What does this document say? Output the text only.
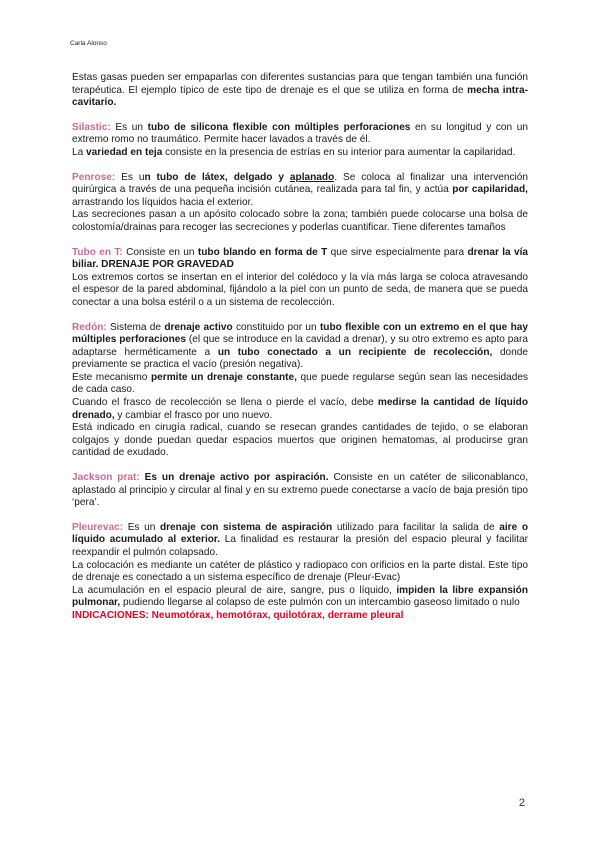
Carla Alonso

Estas gasas pueden ser empaparlas con diferentes sustancias para que tengan también una función terapéutica. El ejemplo típico de este tipo de drenaje es el que se utiliza en forma de mecha intra-cavitario.

Silastic: Es un tubo de silicona flexible con múltiples perforaciones en su longitud y con un extremo romo no traumático. Permite hacer lavados a través de él.

La variedad en teja consiste en la presencia de estrías en su interior para aumentar la capilaridad.

Penrose: Es un tubo de látex, delgado y aplanado. Se coloca al finalizar una intervención quirúrgica a través de una pequeña incisión cutánea, realizada para tal fin, y actúa por capilaridad, arrastrando los líquidos hacia el exterior.

Las secreciones pasan a un apósito colocado sobre la zona; también puede colocarse una bolsa de colostomía/drainas para recoger las secreciones y poderlas cuantificar. Tiene diferentes tamaños

Tubo en T: Consiste en un tubo blando en forma de T que sirve especialmente para drenar la vía biliar. DRENAJE POR GRAVEDAD

Los extremos cortos se insertan en el interior del colédoco y la vía más larga se coloca atravesando el espesor de la pared abdominal, fijándolo a la piel con un punto de seda, de manera que se pueda conectar a una bolsa estéril o a un sistema de recolección.

Redón: Sistema de drenaje activo constituido por un tubo flexible con un extremo en el que hay múltiples perforaciones (el que se introduce en la cavidad a drenar), y su otro extremo es apto para adaptarse herméticamente a un tubo conectado a un recipiente de recolección, donde previamente se practica el vacío (presión negativa).

Este mecanismo permite un drenaje constante, que puede regularse según sean las necesidades de cada caso.

Cuando el frasco de recolección se llena o pierde el vacío, debe medirse la cantidad de líquido drenado, y cambiar el frasco por uno nuevo.

Está indicado en cirugía radical, cuando se resecan grandes cantidades de tejido, o se elaboran colgajos y donde puedan quedar espacios muertos que originen hematomas, al producirse gran cantidad de exudado.

Jackson prat: Es un drenaje activo por aspiración. Consiste en un catéter de siliconablanco, aplastado al principio y circular al final y en su extremo puede conectarse a vacío de baja presión tipo ‘pera’.

Pleurevac: Es un drenaje con sistema de aspiración utilizado para facilitar la salida de aire o líquido acumulado al exterior. La finalidad es restaurar la presión del espacio pleural y facilitar reexpandir el pulmón colapsado.

La colocación es mediante un catéter de plástico y radiopaco con orificios en la parte distal. Este tipo de drenaje es conectado a un sistema específico de drenaje (Pleur-Evac)

La acumulación en el espacio pleural de aire, sangre, pus o líquido, impiden la libre expansión pulmonar, pudiendo llegarse al colapso de este pulmón con un intercambio gaseoso limitado o nulo

INDICACIONES: Neumotórax, hemotórax, quilotórax, derrame pleural

2
